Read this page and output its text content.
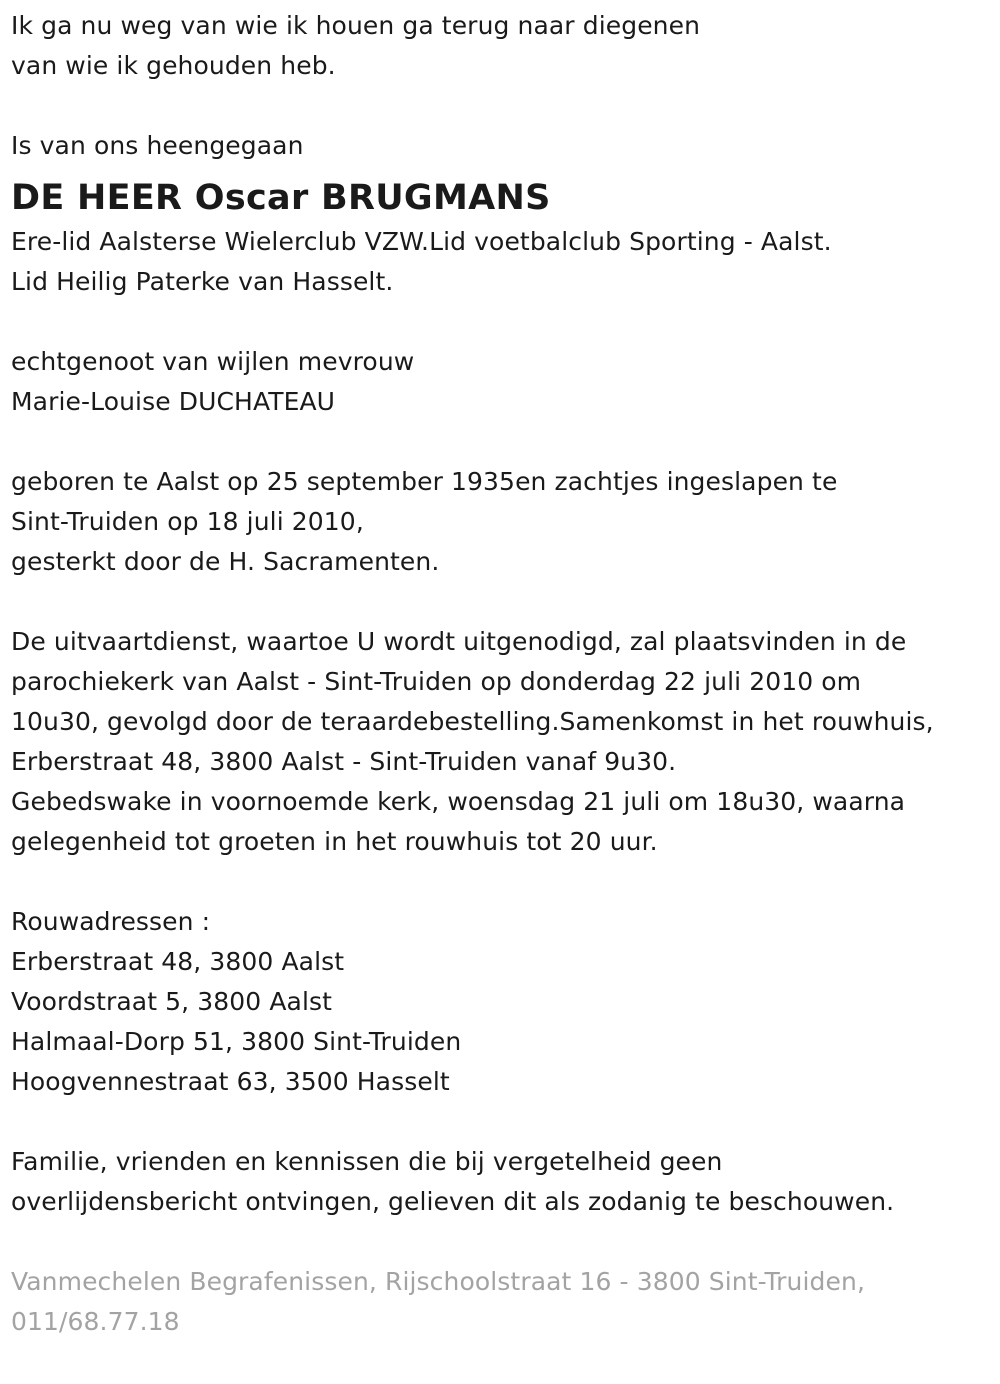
Ik ga nu weg van wie ik houen ga terug naar diegenen
van wie ik gehouden heb.
Is van ons heengegaan
DE HEER Oscar BRUGMANS
Ere-lid Aalsterse Wielerclub VZW.Lid voetbalclub Sporting - Aalst.
Lid Heilig Paterke van Hasselt.
echtgenoot van wijlen mevrouw
Marie-Louise DUCHATEAU
geboren te Aalst op 25 september 1935en zachtjes ingeslapen te
Sint-Truiden op 18 juli 2010,
gesterkt door de H. Sacramenten.
De uitvaartdienst, waartoe U wordt uitgenodigd, zal plaatsvinden in de
parochiekerk van Aalst - Sint-Truiden op donderdag 22 juli 2010 om
10u30, gevolgd door de teraardebestelling.Samenkomst in het rouwhuis,
Erberstraat 48, 3800 Aalst - Sint-Truiden vanaf 9u30.
Gebedswake in voornoemde kerk, woensdag 21 juli om 18u30, waarna
gelegenheid tot groeten in het rouwhuis tot 20 uur.
Rouwadressen :
Erberstraat 48, 3800 Aalst
Voordstraat 5, 3800 Aalst
Halmaal-Dorp 51, 3800 Sint-Truiden
Hoogvennestraat 63, 3500 Hasselt
Familie, vrienden en kennissen die bij vergetelheid geen
overlijdensbericht ontvingen, gelieven dit als zodanig te beschouwen.
Vanmechelen Begrafenissen, Rijschoolstraat 16 - 3800 Sint-Truiden,
011/68.77.18
